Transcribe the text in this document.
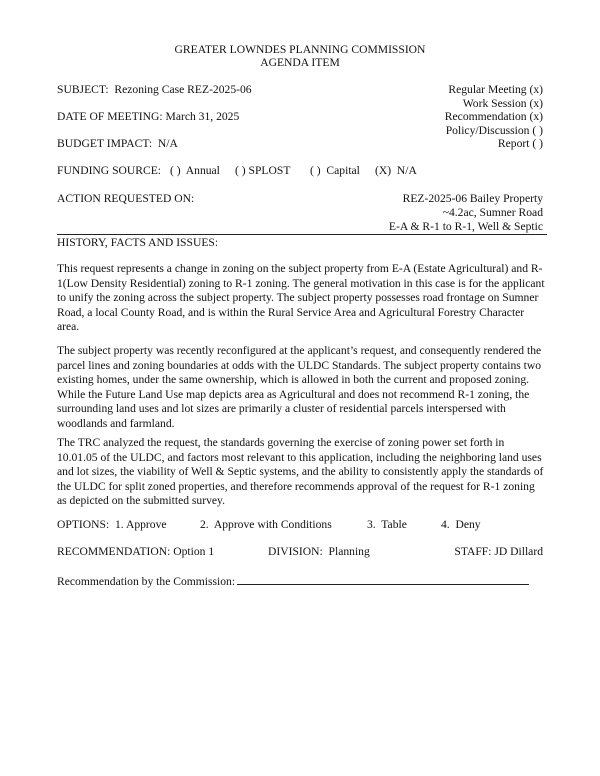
GREATER LOWNDES PLANNING COMMISSION
AGENDA ITEM
SUBJECT:  Rezoning Case REZ-2025-06
DATE OF MEETING: March 31, 2025
BUDGET IMPACT:  N/A
Regular Meeting (x)
Work Session (x)
Recommendation (x)
Policy/Discussion ( )
Report ( )
FUNDING SOURCE: ( )  Annual ( ) SPLOST ( )  Capital (X)  N/A
ACTION REQUESTED ON:	REZ-2025-06 Bailey Property
~4.2ac, Sumner Road
E-A & R-1 to R-1, Well & Septic
HISTORY, FACTS AND ISSUES:
This request represents a change in zoning on the subject property from E-A (Estate Agricultural) and R-1(Low Density Residential) zoning to R-1 zoning. The general motivation in this case is for the applicant to unify the zoning across the subject property. The subject property possesses road frontage on Sumner Road, a local County Road, and is within the Rural Service Area and Agricultural Forestry Character area.
The subject property was recently reconfigured at the applicant’s request, and consequently rendered the parcel lines and zoning boundaries at odds with the ULDC Standards. The subject property contains two existing homes, under the same ownership, which is allowed in both the current and proposed zoning. While the Future Land Use map depicts area as Agricultural and does not recommend R-1 zoning, the surrounding land uses and lot sizes are primarily a cluster of residential parcels interspersed with woodlands and farmland.
The TRC analyzed the request, the standards governing the exercise of zoning power set forth in 10.01.05 of the ULDC, and factors most relevant to this application, including the neighboring land uses and lot sizes, the viability of Well & Septic systems, and the ability to consistently apply the standards of the ULDC for split zoned properties, and therefore recommends approval of the request for R-1 zoning as depicted on the submitted survey.
OPTIONS: 1. Approve	2.  Approve with Conditions	3.  Table	4.  Deny
RECOMMENDATION: Option 1	DIVISION:  Planning	STAFF: JD Dillard
Recommendation by the Commission:
